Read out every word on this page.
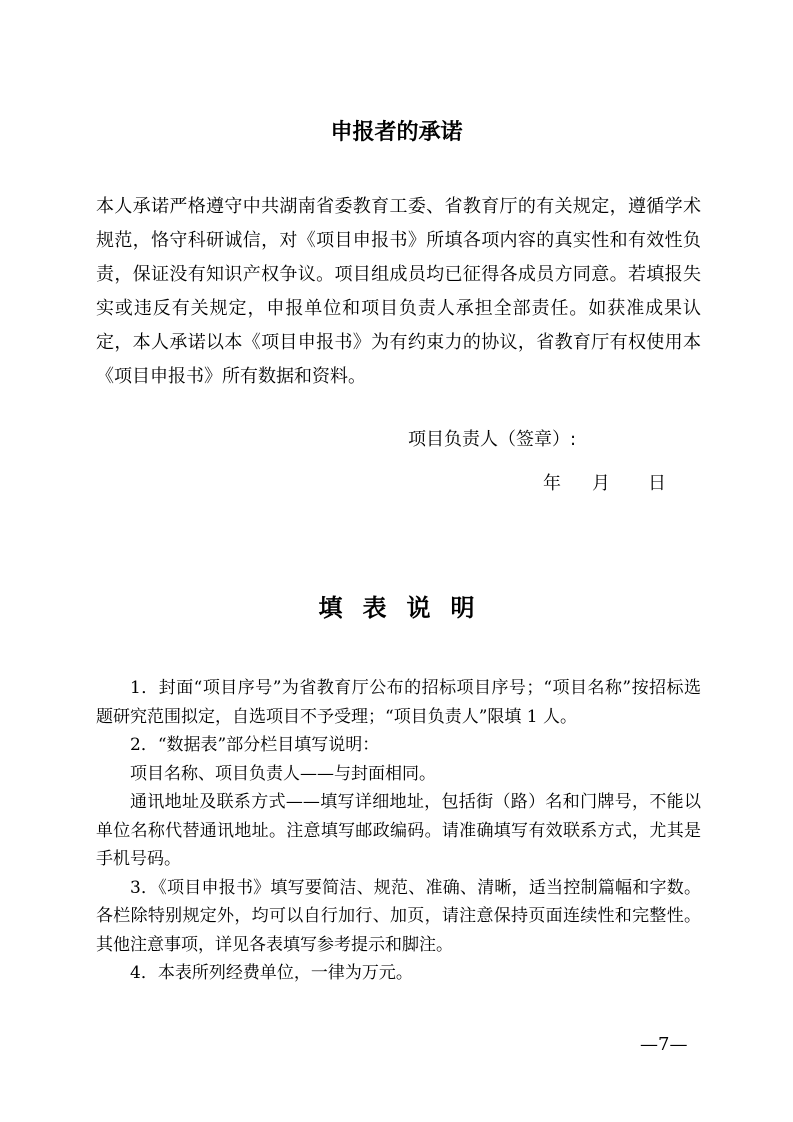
申报者的承诺

本人承诺严格遵守中共湖南省委教育工委、省教育厅的有关规定，遵循学术规范，恪守科研诚信，对《项目申报书》所填各项内容的真实性和有效性负责，保证没有知识产权争议。项目组成员均已征得各成员方同意。若填报失实或违反有关规定，申报单位和项目负责人承担全部责任。如获准成果认定，本人承诺以本《项目申报书》为有约束力的协议，省教育厅有权使用本《项目申报书》所有数据和资料。

项目负责人（签章）:

年 月 日

填表说明

1．封面“项目序号”为省教育厅公布的招标项目序号；“项目名称”按招标选题研究范围拟定，自选项目不予受理；“项目负责人”限填 1 人。

2．“数据表”部分栏目填写说明：

项目名称、项目负责人——与封面相同。

通讯地址及联系方式——填写详细地址，包括街（路）名和门牌号，不能以单位名称代替通讯地址。注意填写邮政编码。请准确填写有效联系方式，尤其是手机号码。

3．《项目申报书》填写要简洁、规范、准确、清晰，适当控制篇幅和字数。各栏除特别规定外，均可以自行加行、加页，请注意保持页面连续性和完整性。其他注意事项，详见各表填写参考提示和脚注。

4．本表所列经费单位，一律为万元。

—7—
